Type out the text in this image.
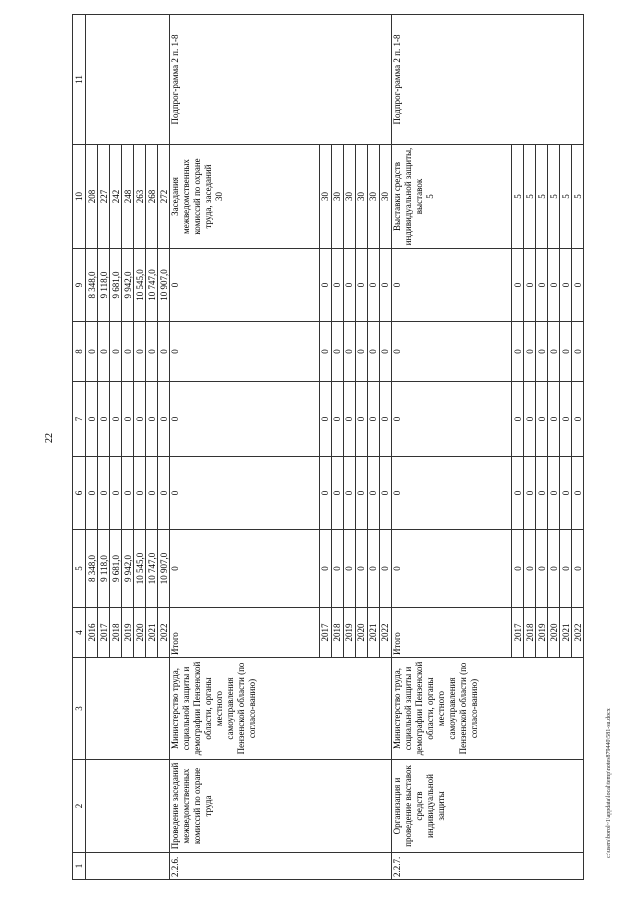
22
c:\users\borol~1\appdata\local\temp\notes879440\581-su.docx
1	2	3	4	5	6	7	8	9	10	11
			2016	8 348,0	0	0	0	8 348,0	208	
			2017	9 118,0	0	0	0	9 118,0	227	
			2018	9 681,0	0	0	0	9 681,0	242	
			2019	9 942,0	0	0	0	9 942,0	248	
			2020	10 545,0	0	0	0	10 545,0	263	
			2021	10 747,0	0	0	0	10 747,0	268	
			2022	10 907,0	0	0	0	10 907,0	272	
2.2.6.	Проведение заседаний межведомственных комиссий по охране труда	Министерство труда, социальной защиты и демографии Пензенской области, органы местного самоуправления Пензенской области (по согласо-ванию)	Итого	0	0	0	0	0	Заседания межведомственных комиссий по охране труда, заседаний 30	Подпрог-рамма 2 п. 1-8
			2017	0	0	0	0	0	30	
			2018	0	0	0	0	0	30	
			2019	0	0	0	0	0	30	
			2020	0	0	0	0	0	30	
			2021	0	0	0	0	0	30	
			2022	0	0	0	0	0	30	
2.2.7.	Организация и проведение выставок средств индивидуальной защиты	Министерство труда, социальной защиты и демографии Пензенской области, органы местного самоуправления Пензенской области (по согласо-ванию)	Итого	0	0	0	0	0	Выставки средств индивидуальной защиты, выставок 5	Подпрог-рамма 2 п. 1-8
			2017	0	0	0	0	0	5	
			2018	0	0	0	0	0	5	
			2019	0	0	0	0	0	5	
			2020	0	0	0	0	0	5	
			2021	0	0	0	0	0	5	
			2022	0	0	0	0	0	5	
